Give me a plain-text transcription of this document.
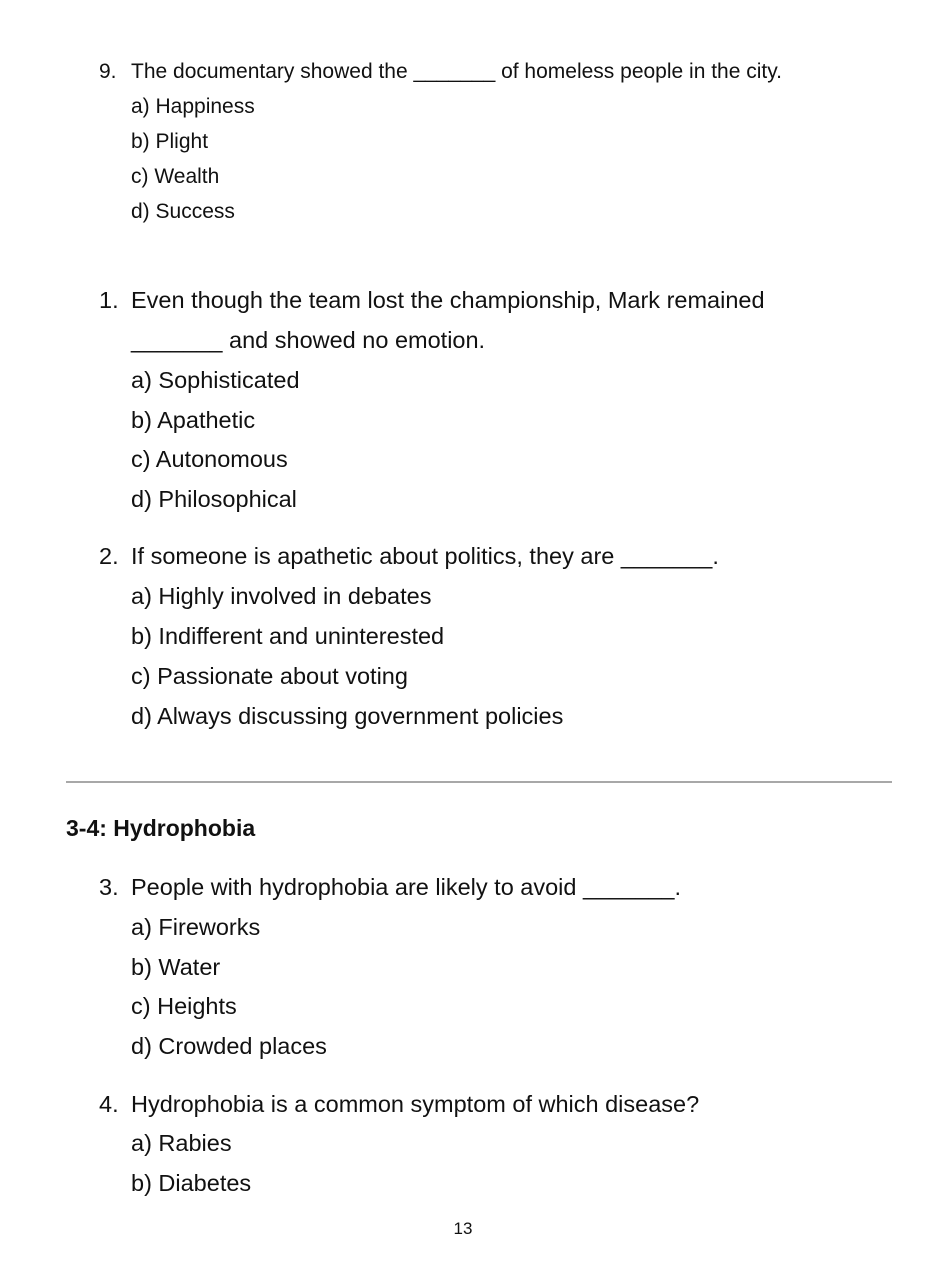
9. The documentary showed the _______ of homeless people in the city.
a) Happiness
b) Plight
c) Wealth
d) Success
1. Even though the team lost the championship, Mark remained
_______ and showed no emotion.
a) Sophisticated
b) Apathetic
c) Autonomous
d) Philosophical
2. If someone is apathetic about politics, they are _______.
a) Highly involved in debates
b) Indifferent and uninterested
c) Passionate about voting
d) Always discussing government policies
3-4: Hydrophobia
3. People with hydrophobia are likely to avoid _______.
a) Fireworks
b) Water
c) Heights
d) Crowded places
4. Hydrophobia is a common symptom of which disease?
a) Rabies
b) Diabetes
13
